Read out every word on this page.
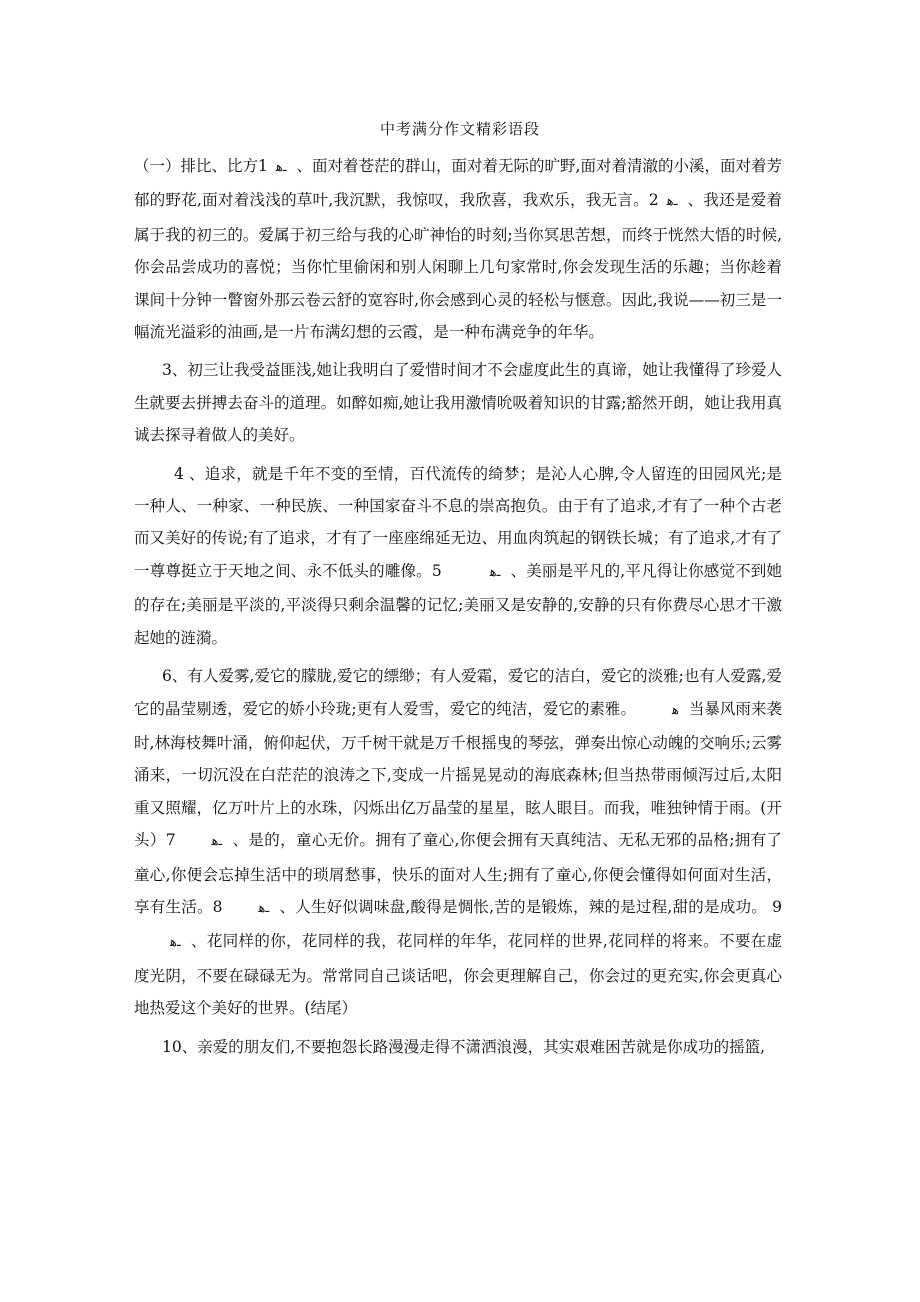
中考满分作文精彩语段

（一）排比、比方1 ـﻫ 、面对着苍茫的群山，面对着无际的旷野,面对着清澈的小溪，面对着芳郁的野花,面对着浅浅的草叶,我沉默，我惊叹，我欣喜，我欢乐，我无言。2 ـﻫ 、我还是爱着属于我的初三的。爱属于初三给与我的心旷神怡的时刻;当你冥思苦想，而终于恍然大悟的时候,你会品尝成功的喜悦；当你忙里偷闲和别人闲聊上几句家常时,你会发现生活的乐趣；当你趁着课间十分钟一瞥窗外那云卷云舒的宽容时,你会感到心灵的轻松与惬意。因此,我说——初三是一幅流光溢彩的油画,是一片布满幻想的云霞，是一种布满竞争的年华。

3、初三让我受益匪浅,她让我明白了爱惜时间才不会虚度此生的真谛，她让我懂得了珍爱人生就要去拼搏去奋斗的道理。如醉如痴,她让我用激情吮吸着知识的甘露;豁然开朗，她让我用真诚去探寻着做人的美好。

4 、追求，就是千年不变的至情，百代流传的绮梦；是沁人心脾,令人留连的田园风光;是一种人、一种家、一种民族、一种国家奋斗不息的崇高抱负。由于有了追求,才有了一种个古老而又美好的传说;有了追求，才有了一座座绵延无边、用血肉筑起的钢铁长城；有了追求,才有了一尊尊挺立于天地之间、永不低头的雕像。5	ـﻫ 、美丽是平凡的,平凡得让你感觉不到她的存在;美丽是平淡的,平淡得只剩余温馨的记忆;美丽又是安静的,安静的只有你费尽心思才干激起她的涟漪。

6、有人爱雾,爱它的朦胧,爱它的缥缈；有人爱霜，爱它的洁白，爱它的淡雅;也有人爱露,爱它的晶莹剔透，爱它的娇小玲珑;更有人爱雪，爱它的纯洁，爱它的素雅。	ﻫ 当暴风雨来袭时,林海枝舞叶涌，俯仰起伏，万千树干就是万千根摇曳的琴弦，弹奏出惊心动魄的交响乐;云雾涌来，一切沉没在白茫茫的浪涛之下,变成一片摇晃晃动的海底森林;但当热带雨倾泻过后,太阳重又照耀，亿万叶片上的水珠，闪烁出亿万晶莹的星星，眩人眼目。而我，唯独钟情于雨。(开头）7	ـﻫ 、是的，童心无价。拥有了童心,你便会拥有天真纯洁、无私无邪的品格;拥有了童心,你便会忘掉生活中的琐屑愁事，快乐的面对人生;拥有了童心,你便会懂得如何面对生活，享有生活。8	ـﻫ 、人生好似调味盘,酸得是惆怅,苦的是锻炼，辣的是过程,甜的是成功。 9ـﻫ 、花同样的你，花同样的我，花同样的年华，花同样的世界,花同样的将来。不要在虚度光阴，不要在碌碌无为。常常同自己谈话吧，你会更理解自己，你会过的更充实,你会更真心地热爱这个美好的世界。(结尾）

10、亲爱的朋友们,不要抱怨长路漫漫走得不潇洒浪漫，其实艰难困苦就是你成功的摇篮,
